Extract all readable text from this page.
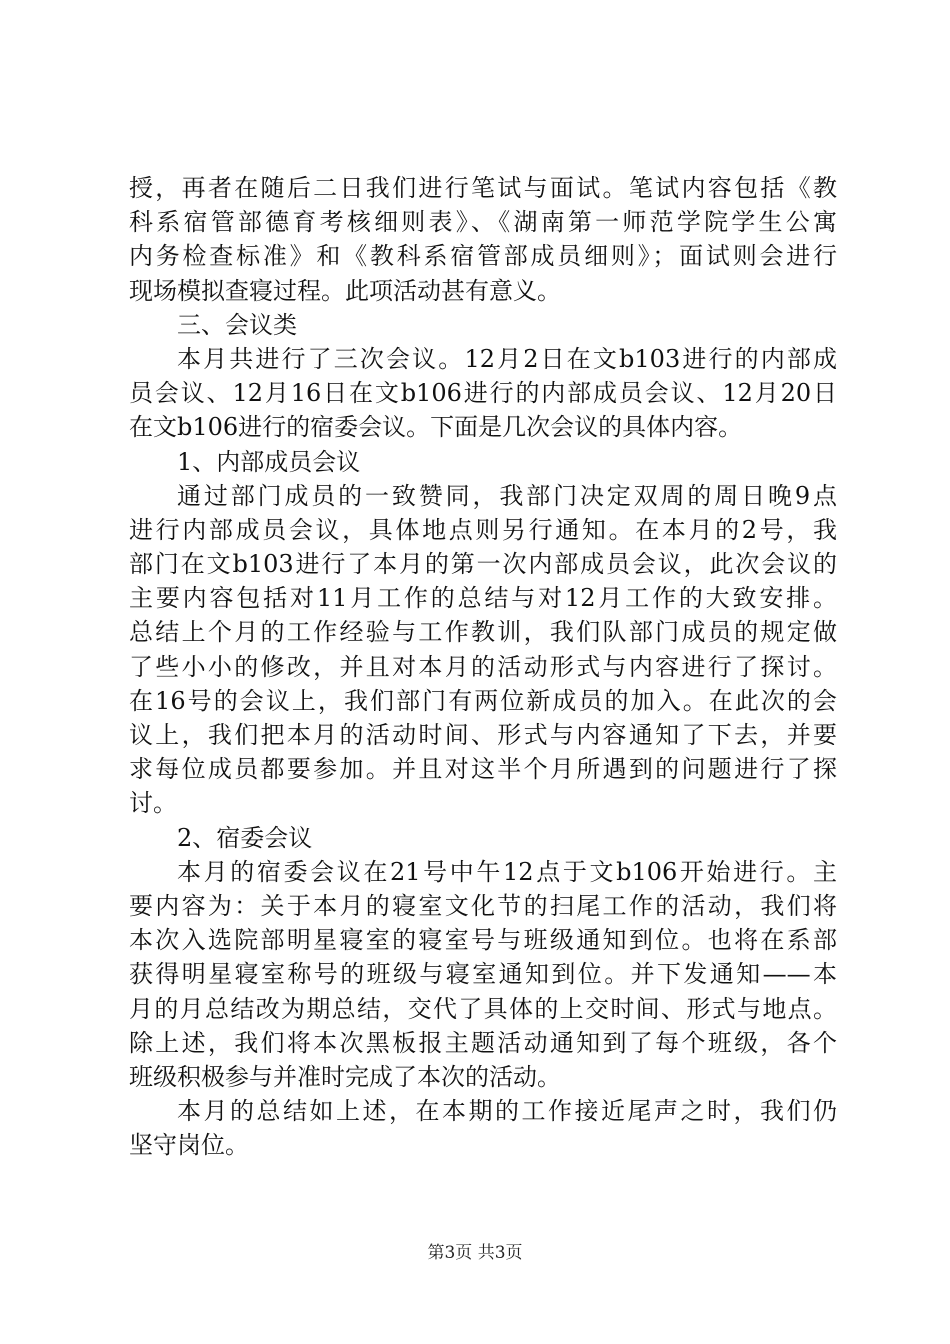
授，再者在随后二日我们进行笔试与面试。笔试内容包括《教
科系宿管部德育考核细则表》、《湖南第一师范学院学生公寓
内务检查标准》和《教科系宿管部成员细则》；面试则会进行
现场模拟查寝过程。此项活动甚有意义。
三、会议类
本月共进行了三次会议。12月2日在文b103进行的内部成
员会议、12月16日在文b106进行的内部成员会议、12月20日
在文b106进行的宿委会议。下面是几次会议的具体内容。
1、内部成员会议
通过部门成员的一致赞同，我部门决定双周的周日晚9点
进行内部成员会议，具体地点则另行通知。在本月的2号，我
部门在文b103进行了本月的第一次内部成员会议，此次会议的
主要内容包括对11月工作的总结与对12月工作的大致安排。
总结上个月的工作经验与工作教训，我们队部门成员的规定做
了些小小的修改，并且对本月的活动形式与内容进行了探讨。
在16号的会议上，我们部门有两位新成员的加入。在此次的会
议上，我们把本月的活动时间、形式与内容通知了下去，并要
求每位成员都要参加。并且对这半个月所遇到的问题进行了探
讨。
2、宿委会议
本月的宿委会议在21号中午12点于文b106开始进行。主
要内容为：关于本月的寝室文化节的扫尾工作的活动，我们将
本次入选院部明星寝室的寝室号与班级通知到位。也将在系部
获得明星寝室称号的班级与寝室通知到位。并下发通知——本
月的月总结改为期总结，交代了具体的上交时间、形式与地点。
除上述，我们将本次黑板报主题活动通知到了每个班级，各个
班级积极参与并准时完成了本次的活动。
本月的总结如上述，在本期的工作接近尾声之时，我们仍
坚守岗位。
第3页 共3页
